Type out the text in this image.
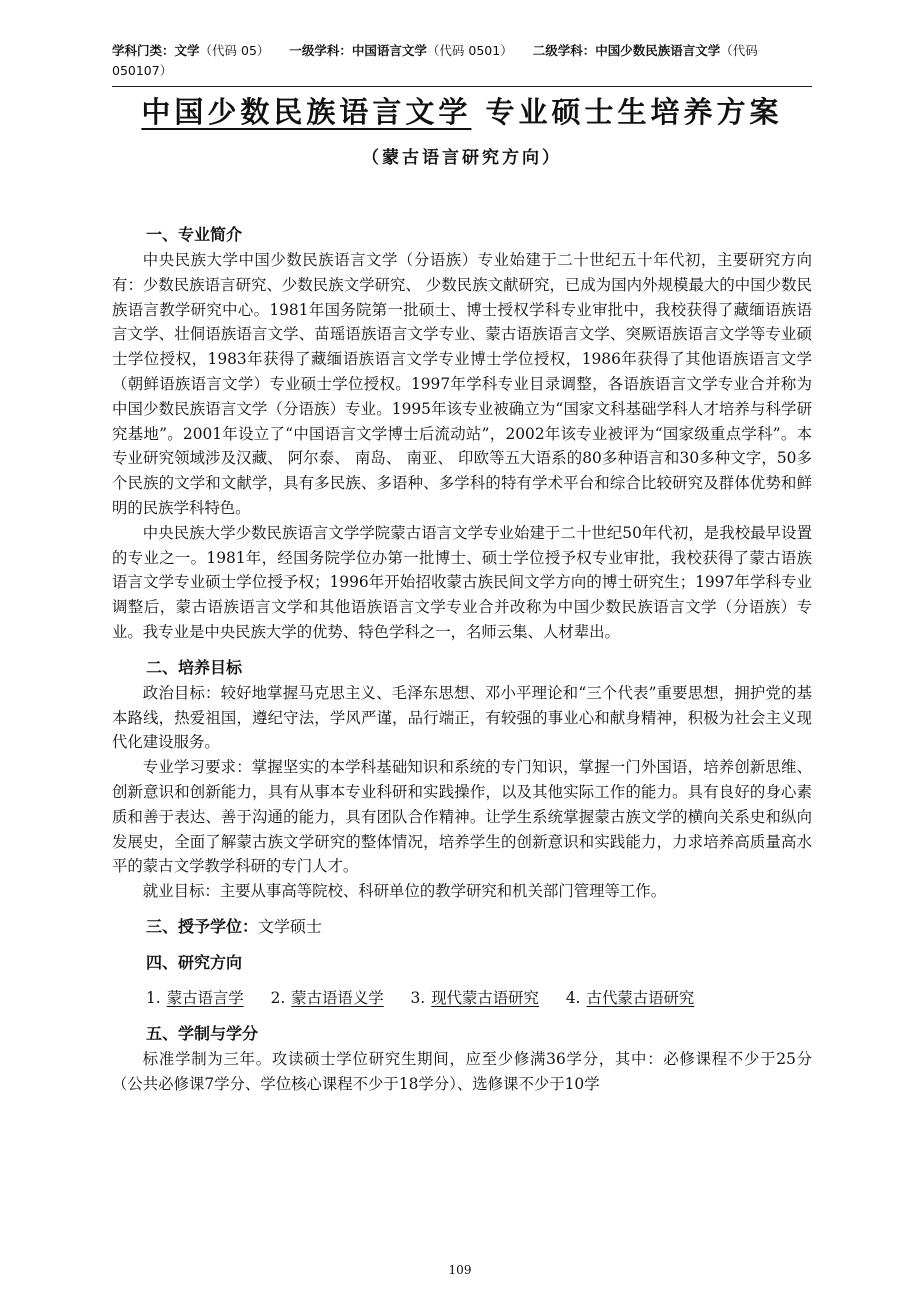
学科门类：文学（代码 05） 一级学科：中国语言文学（代码 0501） 二级学科：中国少数民族语言文学（代码 050107）
中国少数民族语言文学 专业硕士生培养方案
（蒙古语言研究方向）
一、专业简介

中央民族大学中国少数民族语言文学（分语族）专业始建于二十世纪五十年代初，主要研究方向有：少数民族语言研究、少数民族文学研究、 少数民族文献研究，已成为国内外规模最大的中国少数民族语言教学研究中心。1981年国务院第一批硕士、博士授权学科专业审批中，我校获得了藏缅语族语言文学、壮侗语族语言文学、苗瑶语族语言文学专业、蒙古语族语言文学、突厥语族语言文学等专业硕士学位授权，1983年获得了藏缅语族语言文学专业博士学位授权，1986年获得了其他语族语言文学（朝鲜语族语言文学）专业硕士学位授权。1997年学科专业目录调整，各语族语言文学专业合并称为中国少数民族语言文学（分语族）专业。1995年该专业被确立为“国家文科基础学科人才培养与科学研究基地”。2001年设立了“中国语言文学博士后流动站”，2002年该专业被评为“国家级重点学科”。本专业研究领域涉及汉藏、 阿尔泰、 南岛、 南亚、 印欧等五大语系的80多种语言和30多种文字，50多个民族的文学和文献学，具有多民族、多语种、多学科的特有学术平台和综合比较研究及群体优势和鲜明的民族学科特色。

中央民族大学少数民族语言文学学院蒙古语言文学专业始建于二十世纪50年代初，是我校最早设置的专业之一。1981年，经国务院学位办第一批博士、硕士学位授予权专业审批，我校获得了蒙古语族语言文学专业硕士学位授予权；1996年开始招收蒙古族民间文学方向的博士研究生；1997年学科专业调整后，蒙古语族语言文学和其他语族语言文学专业合并改称为中国少数民族语言文学（分语族）专业。我专业是中央民族大学的优势、特色学科之一，名师云集、人材辈出。

二、培养目标

政治目标：较好地掌握马克思主义、毛泽东思想、邓小平理论和“三个代表”重要思想，拥护党的基本路线，热爱祖国，遵纪守法，学风严谨，品行端正，有较强的事业心和献身精神，积极为社会主义现代化建设服务。

专业学习要求：掌握坚实的本学科基础知识和系统的专门知识，掌握一门外国语，培养创新思维、创新意识和创新能力，具有从事本专业科研和实践操作，以及其他实际工作的能力。具有良好的身心素质和善于表达、善于沟通的能力，具有团队合作精神。让学生系统掌握蒙古族文学的横向关系史和纵向发展史，全面了解蒙古族文学研究的整体情况，培养学生的创新意识和实践能力，力求培养高质量高水平的蒙古文学教学科研的专门人才。

就业目标：主要从事高等院校、科研单位的教学研究和机关部门管理等工作。

三、授予学位：文学硕士
四、研究方向
1. 蒙古语言学 2. 蒙古语语义学 3. 现代蒙古语研究 4. 古代蒙古语研究
五、学制与学分

标准学制为三年。攻读硕士学位研究生期间，应至少修满36学分，其中：必修课程不少于25分（公共必修课7学分、学位核心课程不少于18学分）、选修课不少于10学

109
